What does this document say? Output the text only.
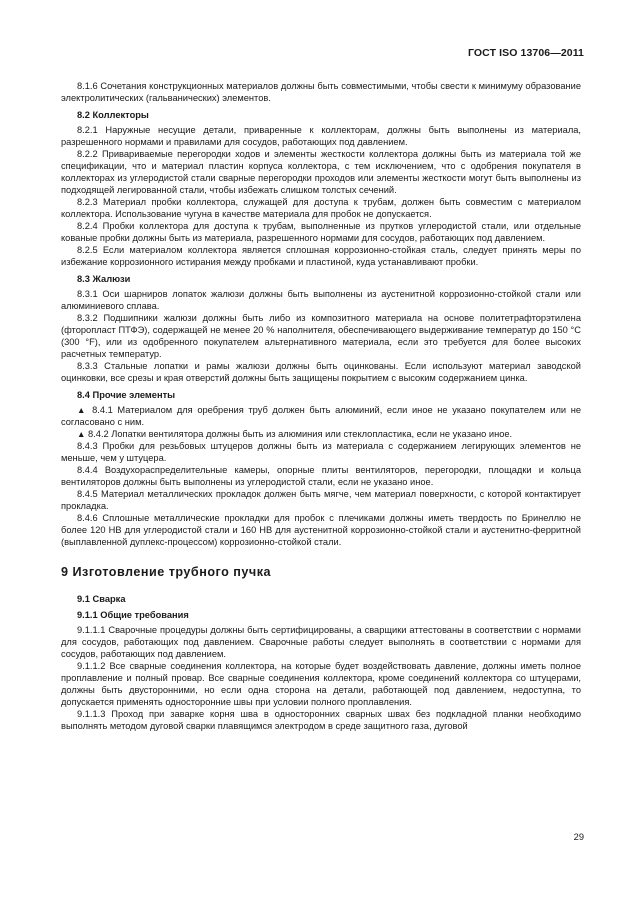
ГОСТ ISO 13706—2011

8.1.6 Сочетания конструкционных материалов должны быть совместимыми, чтобы свести к минимуму образование электролитических (гальванических) элементов.

8.2 Коллекторы

8.2.1 Наружные несущие детали, приваренные к коллекторам, должны быть выполнены из материала, разрешенного нормами и правилами для сосудов, работающих под давлением.

8.2.2 Привариваемые перегородки ходов и элементы жесткости коллектора должны быть из материала той же спецификации, что и материал пластин корпуса коллектора, с тем исключением, что с одобрения покупателя в коллекторах из углеродистой стали сварные перегородки проходов или элементы жесткости могут быть выполнены из подходящей легированной стали, чтобы избежать слишком толстых сечений.

8.2.3 Материал пробки коллектора, служащей для доступа к трубам, должен быть совместим с материалом коллектора. Использование чугуна в качестве материала для пробок не допускается.

8.2.4 Пробки коллектора для доступа к трубам, выполненные из прутков углеродистой стали, или отдельные кованые пробки должны быть из материала, разрешенного нормами для сосудов, работающих под давлением.

8.2.5 Если материалом коллектора является сплошная коррозионно-стойкая сталь, следует принять меры по избежание коррозионного истирания между пробками и пластиной, куда устанавливают пробки.

8.3 Жалюзи

8.3.1 Оси шарниров лопаток жалюзи должны быть выполнены из аустенитной коррозионно-стойкой стали или алюминиевого сплава.

8.3.2 Подшипники жалюзи должны быть либо из композитного материала на основе политетрафторэтилена (фторопласт ПТФЭ), содержащей не менее 20 % наполнителя, обеспечивающего выдерживание температур до 150 °С (300 °F), или из одобренного покупателем альтернативного материала, если это требуется для более высоких расчетных температур.

8.3.3 Стальные лопатки и рамы жалюзи должны быть оцинкованы. Если используют материал заводской оцинковки, все срезы и края отверстий должны быть защищены покрытием с высоким содержанием цинка.

8.4 Прочие элементы

▲ 8.4.1 Материалом для оребрения труб должен быть алюминий, если иное не указано покупателем или не согласовано с ним.

▲ 8.4.2 Лопатки вентилятора должны быть из алюминия или стеклопластика, если не указано иное.

8.4.3 Пробки для резьбовых штуцеров должны быть из материала с содержанием легирующих элементов не меньше, чем у штуцера.

8.4.4 Воздухораспределительные камеры, опорные плиты вентиляторов, перегородки, площадки и кольца вентиляторов должны быть выполнены из углеродистой стали, если не указано иное.

8.4.5 Материал металлических прокладок должен быть мягче, чем материал поверхности, с которой контактирует прокладка.

8.4.6 Сплошные металлические прокладки для пробок с плечиками должны иметь твердость по Бринеллю не более 120 НВ для углеродистой стали и 160 НВ для аустенитной коррозионно-стойкой стали и аустенитно-ферритной (выплавленной дуплекс-процессом) коррозионно-стойкой стали.

9 Изготовление трубного пучка
9.1 Сварка
9.1.1 Общие требования

9.1.1.1 Сварочные процедуры должны быть сертифицированы, а сварщики аттестованы в соответствии с нормами для сосудов, работающих под давлением. Сварочные работы следует выполнять в соответствии с нормами для сосудов, работающих под давлением.

9.1.1.2 Все сварные соединения коллектора, на которые будет воздействовать давление, должны иметь полное проплавление и полный провар. Все сварные соединения коллектора, кроме соединений коллектора со штуцерами, должны быть двусторонними, но если одна сторона на детали, работающей под давлением, недоступна, то допускается применять односторонние швы при условии полного проплавления.

9.1.1.3 Проход при заварке корня шва в односторонних сварных швах без подкладной планки необходимо выполнять методом дуговой сварки плавящимся электродом в среде защитного газа, дуговой

29
